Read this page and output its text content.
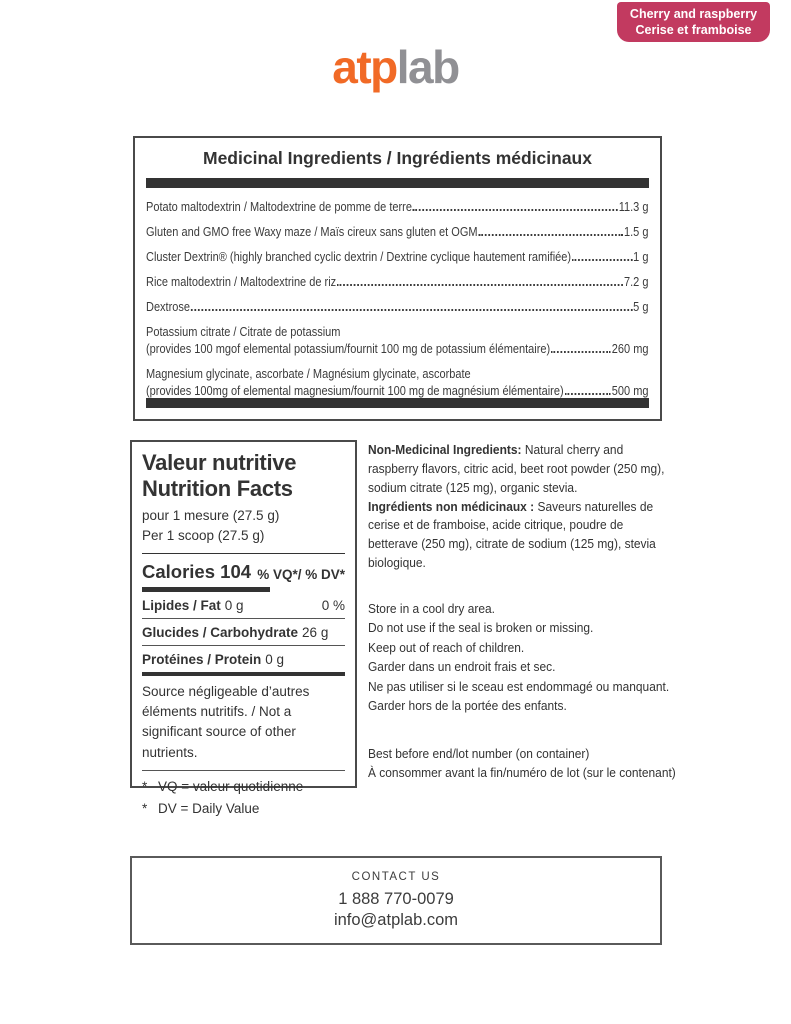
Cherry and raspberry
Cerise et framboise
atplab
Medicinal Ingredients / Ingrédients médicinaux
Potato maltodextrin / Maltodextrine de pomme de terre	11.3 g
Gluten and GMO free Waxy maze / Maïs cireux sans gluten et OGM	1.5 g
Cluster Dextrin® (highly branched cyclic dextrin / Dextrine cyclique hautement ramifiée)	1 g
Rice maltodextrin / Maltodextrine de riz	7.2 g
Dextrose	5 g
Potassium citrate / Citrate de potassium
(provides 100 mgof elemental potassium/fournit 100 mg de potassium élémentaire)	260 mg
Magnesium glycinate, ascorbate / Magnésium glycinate, ascorbate
(provides 100mg of elemental magnesium/fournit 100 mg de magnésium élémentaire)	500 mg
Valeur nutritive
Nutrition Facts
pour 1 mesure (27.5 g)
Per 1 scoop (27.5 g)
Calories 104 % VQ*/ % DV*
Lipides / Fat 0 g	0 %
Glucides / Carbohydrate 26 g
Protéines / Protein 0 g
Source négligeable d’autres éléments nutritifs. / Not a significant source of other nutrients.
* VQ = valeur quotidienne
* DV = Daily Value
Non-Medicinal Ingredients: Natural cherry and raspberry flavors, citric acid, beet root powder (250 mg), sodium citrate (125 mg), organic stevia.
Ingrédients non médicinaux : Saveurs naturelles de cerise et de framboise, acide citrique, poudre de betterave (250 mg), citrate de sodium (125 mg), stevia biologique.
Store in a cool dry area.
Do not use if the seal is broken or missing.
Keep out of reach of children.
Garder dans un endroit frais et sec.
Ne pas utiliser si le sceau est endommagé ou manquant.
Garder hors de la portée des enfants.
Best before end/lot number (on container)
À consommer avant la fin/numéro de lot (sur le contenant)
CONTACT US
1 888 770-0079
info@atplab.com
